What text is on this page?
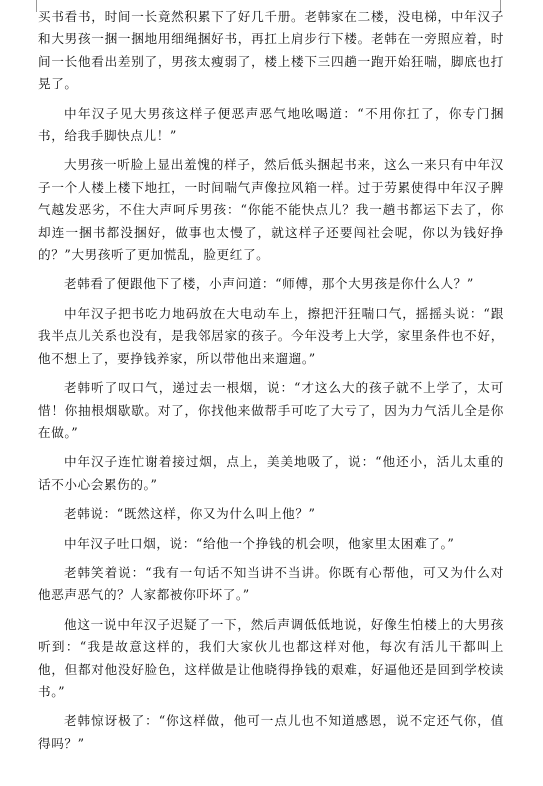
买书看书，时间一长竟然积累下了好几千册。老韩家在二楼，没电梯，中年汉子和大男孩一捆一捆地用细绳捆好书，再扛上肩步行下楼。老韩在一旁照应着，时间一长他看出差别了，男孩太瘦弱了，楼上楼下三四趟一跑开始狂喘，脚底也打晃了。

中年汉子见大男孩这样子便恶声恶气地吆喝道：“不用你扛了，你专门捆书，给我手脚快点儿！”

大男孩一听脸上显出羞愧的样子，然后低头捆起书来，这么一来只有中年汉子一个人楼上楼下地扛，一时间喘气声像拉风箱一样。过于劳累使得中年汉子脾气越发恶劣，不住大声呵斥男孩：“你能不能快点儿？我一趟书都运下去了，你却连一捆书都没捆好，做事也太慢了，就这样子还要闯社会呢，你以为钱好挣的？”大男孩听了更加慌乱，脸更红了。

老韩看了便跟他下了楼，小声问道：“师傅，那个大男孩是你什么人？”

中年汉子把书吃力地码放在大电动车上，擦把汗狂喘口气，摇摇头说：“跟我半点儿关系也没有，是我邻居家的孩子。今年没考上大学，家里条件也不好，他不想上了，要挣钱养家，所以带他出来遛遛。”

老韩听了叹口气，递过去一根烟，说：“才这么大的孩子就不上学了，太可惜！你抽根烟歇歇。对了，你找他来做帮手可吃了大亏了，因为力气活儿全是你在做。”

中年汉子连忙谢着接过烟，点上，美美地吸了，说：“他还小，活儿太重的话不小心会累伤的。”

老韩说：“既然这样，你又为什么叫上他？”

中年汉子吐口烟，说：“给他一个挣钱的机会呗，他家里太困难了。”

老韩笑着说：“我有一句话不知当讲不当讲。你既有心帮他，可又为什么对他恶声恶气的？人家都被你吓坏了。”

他这一说中年汉子迟疑了一下，然后声调低低地说，好像生怕楼上的大男孩听到：“我是故意这样的，我们大家伙儿也都这样对他，每次有活儿干都叫上他，但都对他没好脸色，这样做是让他晓得挣钱的艰难，好逼他还是回到学校读书。”

老韩惊讶极了：“你这样做，他可一点儿也不知道感恩，说不定还气你，值得吗？”
